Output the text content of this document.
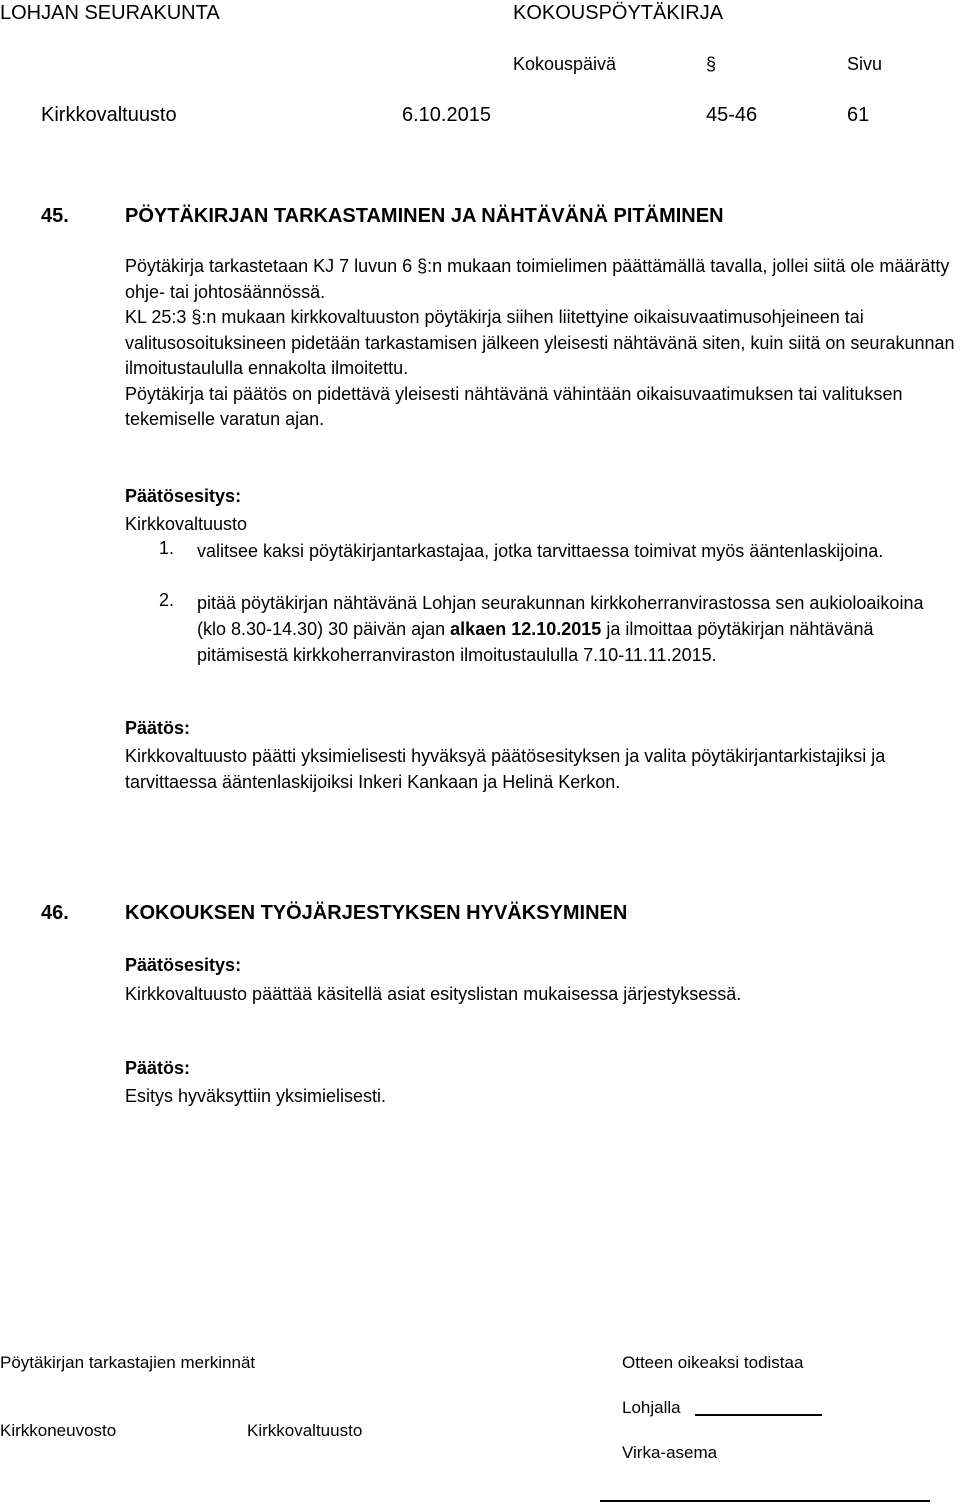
LOHJAN SEURAKUNTA	KOKOUSPÖYTÄKIRJA
Kokouspäivä	§	Sivu
Kirkkovaltuusto	6.10.2015	45-46	61
45.	PÖYTÄKIRJAN TARKASTAMINEN JA NÄHTÄVÄNÄ PITÄMINEN

Pöytäkirja tarkastetaan KJ 7 luvun 6 §:n mukaan toimielimen päättämällä tavalla, jollei siitä ole määrätty ohje- tai johtosäännössä.

KL 25:3 §:n mukaan kirkkovaltuuston pöytäkirja siihen liitettyine oikaisuvaatimusohjeineen tai valitusosoituksineen pidetään tarkastamisen jälkeen yleisesti nähtävänä siten, kuin siitä on seurakunnan ilmoitustaululla ennakolta ilmoitettu.

Pöytäkirja tai päätös on pidettävä yleisesti nähtävänä vähintään oikaisuvaatimuksen tai valituksen tekemiselle varatun ajan.

Päätösesitys:
Kirkkovaltuusto
1. valitsee kaksi pöytäkirjantarkastajaa, jotka tarvittaessa toimivat myös ääntenlaskijoina.

2. pitää pöytäkirjan nähtävänä Lohjan seurakunnan kirkkoherranvirastossa sen aukioloaikoina (klo 8.30-14.30) 30 päivän ajan alkaen 12.10.2015 ja ilmoittaa pöytäkirjan nähtävänä pitämisestä kirkkoherranviraston ilmoitustaululla 7.10-11.11.2015.

Päätös:

Kirkkovaltuusto päätti yksimielisesti hyväksyä päätösesityksen ja valita pöytäkirjantarkistajiksi ja tarvittaessa ääntenlaskijoiksi Inkeri Kankaan ja Helinä Kerkon.

46.	KOKOUKSEN TYÖJÄRJESTYKSEN HYVÄKSYMINEN
Päätösesitys:
Kirkkovaltuusto päättää käsitellä asiat esityslistan mukaisessa järjestyksessä.
Päätös:
Esitys hyväksyttiin yksimielisesti.
Pöytäkirjan tarkastajien merkinnät	Otteen oikeaksi todistaa
Lohjalla
Kirkkoneuvosto	Kirkkovaltuusto
Virka-asema
